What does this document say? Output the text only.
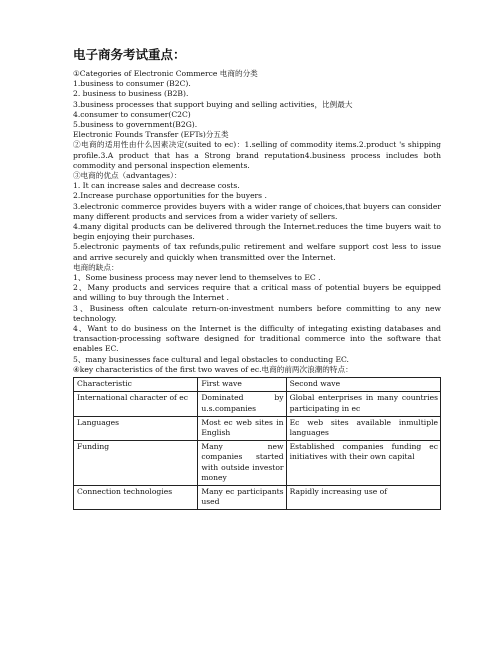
电子商务考试重点：

①Categories of Electronic Commerce 电商的分类

1.business to consumer (B2C).

2. business to business (B2B).

3.business processes that support buying and selling activities，比例最大

4.consumer to consumer(C2C)

5.business to government(B2G).

Electronic Founds Transfer (EFTs)分五类

②电商的适用性由什么因素决定(suited to ec)：1.selling of commodity items.2.product 's shipping profile.3.A product that has a Strong brand reputation4.business process includes both commodity and personal inspection elements.

③电商的优点（advantages）：

1. It can increase sales and decrease costs.

2.Increase purchase opportunities for the buyers .

3.electronic commerce provides buyers with a wider range of choices,that buyers can consider many different products and services from a wider variety of sellers.

4.many digital products can be delivered through the Internet.reduces the time buyers wait to begin enjoying their purchases.

5.electronic payments of tax refunds,pulic retirement and welfare support cost less to issue and arrive securely and quickly when transmitted over the Internet.

电商的缺点：

1、Some business process may never lend to themselves to EC .

2、Many products and services require that a critical mass of potential buyers be equipped and willing to buy through the Internet .

3、Business often calculate return-on-investment numbers before committing to any new technology.

4、Want to do business on the Internet is the difficulty of integating existing databases and transaction-processing software designed for traditional commerce into the software that enables EC.

5、many businesses face cultural and legal obstacles to conducting EC.

④key characteristics of the first two waves of ec.电商的前两次浪潮的特点：

Characteristic	First wave	Second wave
International character of ec	Dominated by u.s.companies	Global enterprises in many countries participating in ec
Languages	Most ec web sites in English	Ec web sites available inmultiple languages
Funding	Many new companies started with outside investor money	Established companies funding ec initiatives with their own capital
Connection technologies	Many ec participants used	Rapidly increasing use of
